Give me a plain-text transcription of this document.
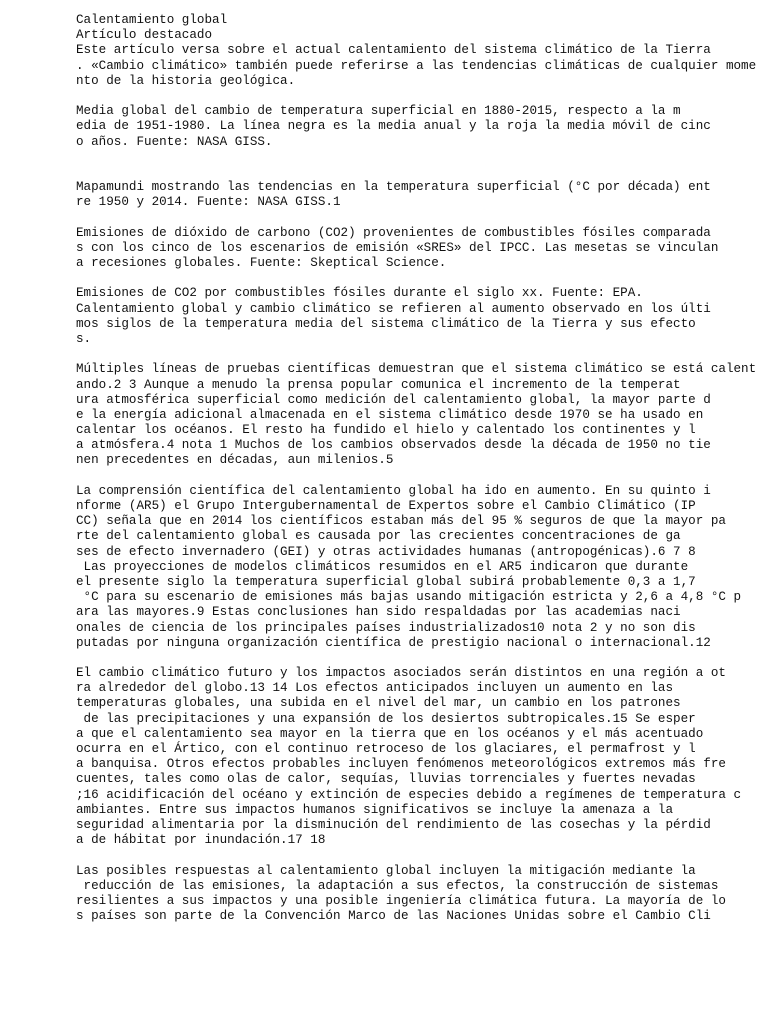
Calentamiento global
Artículo destacado
Este artículo versa sobre el actual calentamiento del sistema climático de la Tierra
. «Cambio climático» también puede referirse a las tendencias climáticas de cualquier mome
nto de la historia geológica.
Media global del cambio de temperatura superficial en 1880-2015, respecto a la m
edia de 1951-1980. La línea negra es la media anual y la roja la media móvil de cinc
o años. Fuente: NASA GISS.
Mapamundi mostrando las tendencias en la temperatura superficial (°C por década) ent
re 1950 y 2014. Fuente: NASA GISS.1
Emisiones de dióxido de carbono (CO2) provenientes de combustibles fósiles comparada
s con los cinco de los escenarios de emisión «SRES» del IPCC. Las mesetas se vinculan
a recesiones globales. Fuente: Skeptical Science.
Emisiones de CO2 por combustibles fósiles durante el siglo xx. Fuente: EPA.
Calentamiento global y cambio climático se refieren al aumento observado en los últi
mos siglos de la temperatura media del sistema climático de la Tierra y sus efecto
s.
Múltiples líneas de pruebas científicas demuestran que el sistema climático se está calent
ando.2 3 Aunque a menudo la prensa popular comunica el incremento de la temperat
ura atmosférica superficial como medición del calentamiento global, la mayor parte d
e la energía adicional almacenada en el sistema climático desde 1970 se ha usado en
calentar los océanos. El resto ha fundido el hielo y calentado los continentes y l
a atmósfera.4 nota 1 Muchos de los cambios observados desde la década de 1950 no tie
nen precedentes en décadas, aun milenios.5
La comprensión científica del calentamiento global ha ido en aumento. En su quinto i
nforme (AR5) el Grupo Intergubernamental de Expertos sobre el Cambio Climático (IP
CC) señala que en 2014 los científicos estaban más del 95 % seguros de que la mayor pa
rte del calentamiento global es causada por las crecientes concentraciones de ga
ses de efecto invernadero (GEI) y otras actividades humanas (antropogénicas).6 7 8
Las proyecciones de modelos climáticos resumidos en el AR5 indicaron que durante
el presente siglo la temperatura superficial global subirá probablemente 0,3 a 1,7
°C para su escenario de emisiones más bajas usando mitigación estricta y 2,6 a 4,8 °C p
ara las mayores.9 Estas conclusiones han sido respaldadas por las academias naci
onales de ciencia de los principales países industrializados10 nota 2 y no son dis
putadas por ninguna organización científica de prestigio nacional o internacional.12
El cambio climático futuro y los impactos asociados serán distintos en una región a ot
ra alrededor del globo.13 14 Los efectos anticipados incluyen un aumento en las
temperaturas globales, una subida en el nivel del mar, un cambio en los patrones
de las precipitaciones y una expansión de los desiertos subtropicales.15 Se esper
a que el calentamiento sea mayor en la tierra que en los océanos y el más acentuado
ocurra en el Ártico, con el continuo retroceso de los glaciares, el permafrost y l
a banquisa. Otros efectos probables incluyen fenómenos meteorológicos extremos más fre
cuentes, tales como olas de calor, sequías, lluvias torrenciales y fuertes nevadas
;16 acidificación del océano y extinción de especies debido a regímenes de temperatura c
ambiantes. Entre sus impactos humanos significativos se incluye la amenaza a la
seguridad alimentaria por la disminución del rendimiento de las cosechas y la pérdid
a de hábitat por inundación.17 18
Las posibles respuestas al calentamiento global incluyen la mitigación mediante la
reducción de las emisiones, la adaptación a sus efectos, la construcción de sistemas
resilientes a sus impactos y una posible ingeniería climática futura. La mayoría de lo
s países son parte de la Convención Marco de las Naciones Unidas sobre el Cambio Cli
